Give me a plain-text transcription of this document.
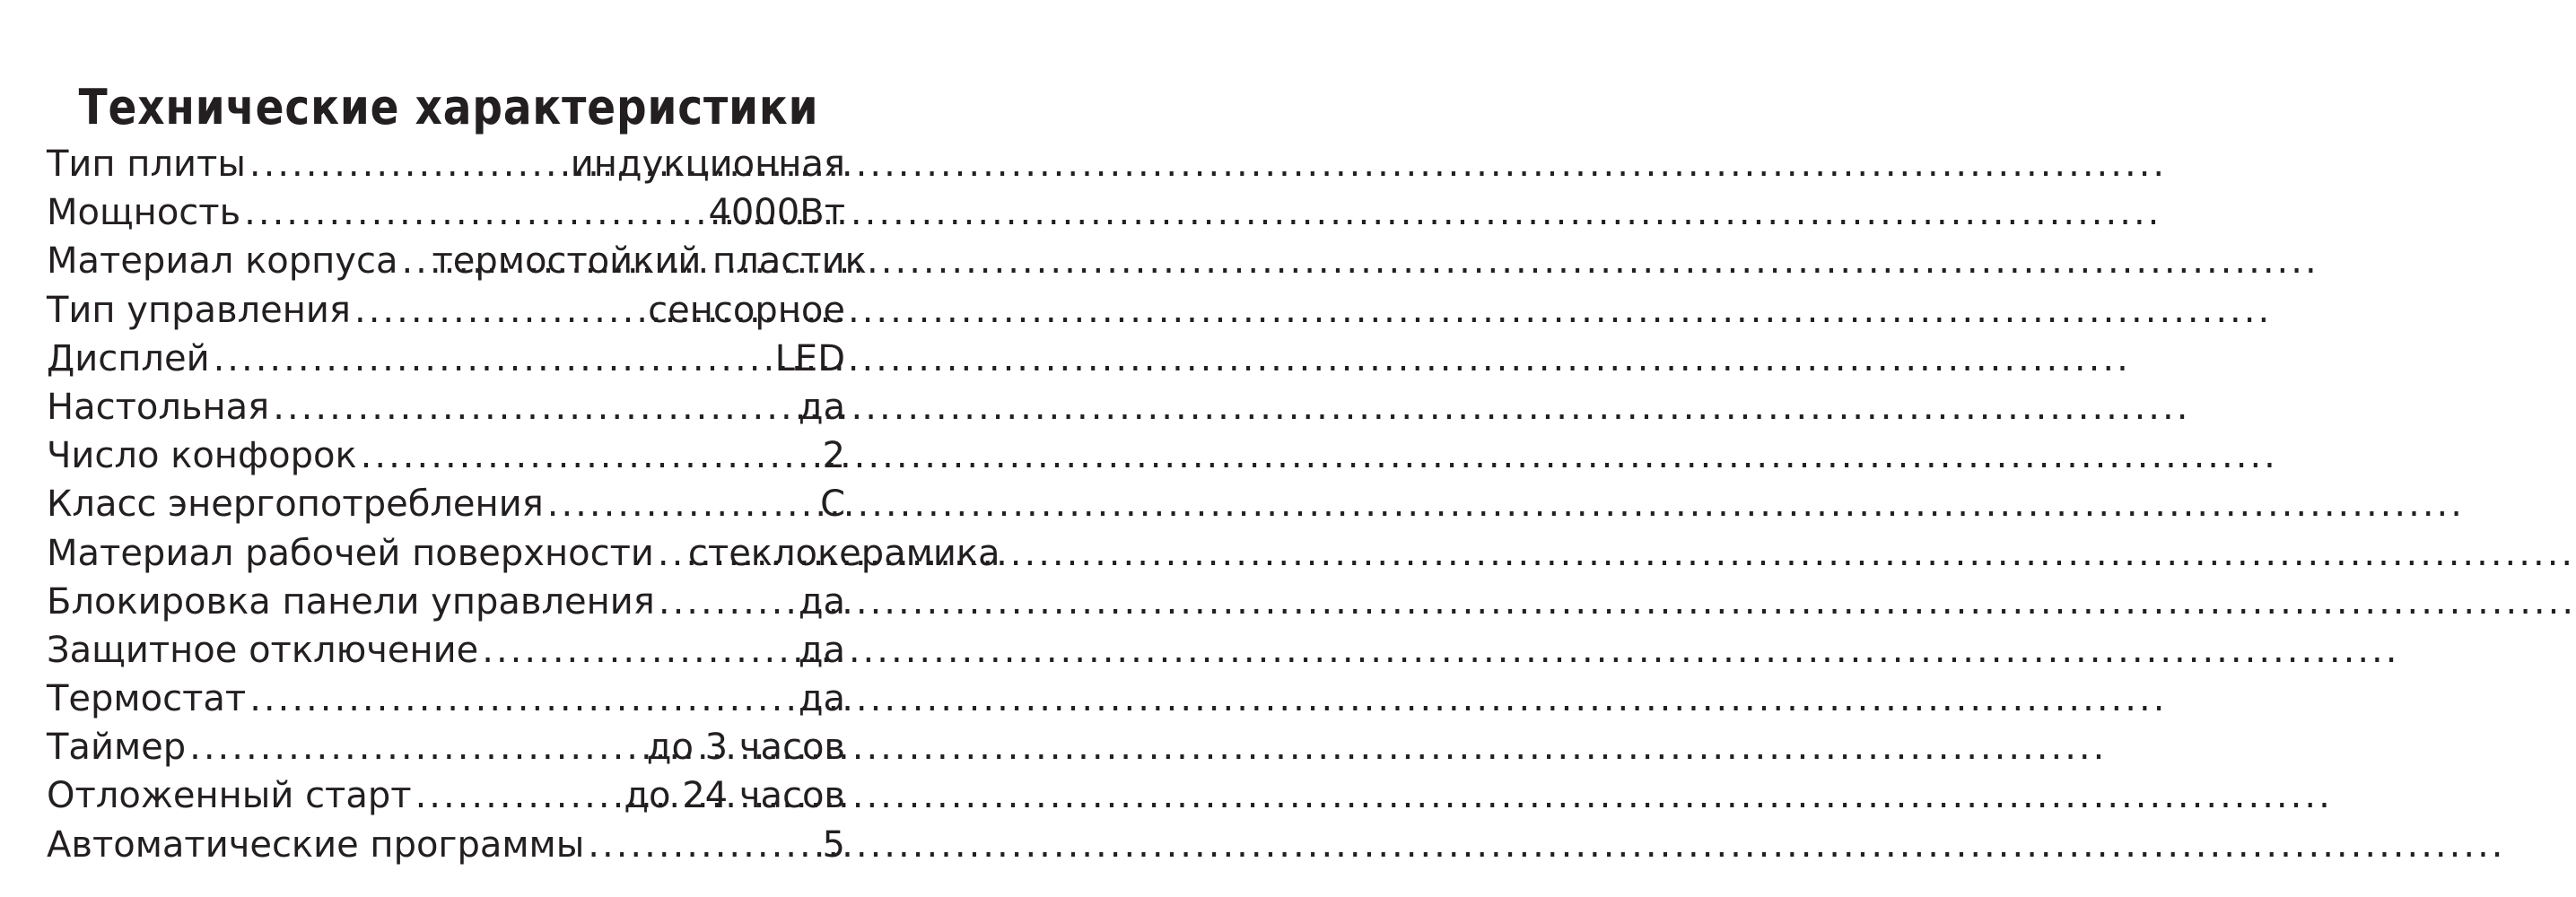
Технические характеристики
Тип плиты .....	индукционная
Мощность .....	4000Вт
Материал корпуса ..... термостойкий пластик
Тип управления .....	сенсорное
Дисплей .....	LED
Настольная .....	да
Число конфорок .....	2
Класс энергопотребления .....	C
Материал рабочей поверхности ..... стеклокерамика
Блокировка панели управления .....	да
Защитное отключение .....	да
Термостат .....	да
Таймер .....	до 3 часов
Отложенный старт .....	до 24 часов
Автоматические программы .....	5
